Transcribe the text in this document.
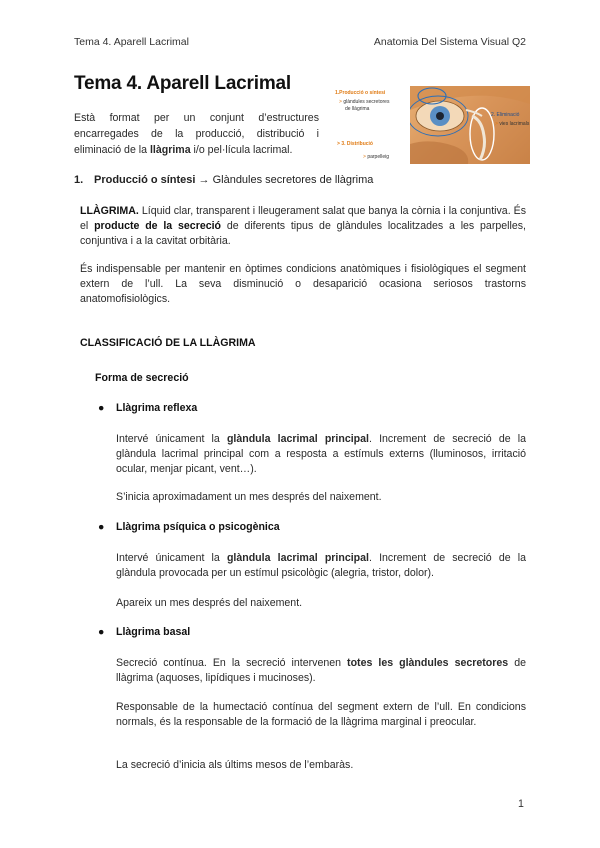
Tema 4. Aparell Lacrimal	Anatomia Del Sistema Visual Q2
Tema 4. Aparell Lacrimal

Està format per un conjunt d’estructures encarregades de la producció, distribució i eliminació de la llàgrima i/o pel·lícula lacrimal.

1.Producció o síntesi
> glàndules secretores
de llàgrima
> 3. Distribució
> parpelleig
2. Eliminació
> vies lacrimals
1. Producció o síntesi → Glàndules secretores de llàgrima

LLÀGRIMA. Líquid clar, transparent i lleugerament salat que banya la còrnia i la conjuntiva. És el producte de la secreció de diferents tipus de glàndules localitzades a les parpelles, conjuntiva i a la cavitat orbitària.

És indispensable per mantenir en òptimes condicions anatòmiques i fisiològiques el segment extern de l’ull. La seva disminució o desaparició ocasiona seriosos trastorns anatomofisiològics.

CLASSIFICACIÓ DE LA LLÀGRIMA
Forma de secreció
● Llàgrima reflexa

Intervé únicament la glàndula lacrimal principal. Increment de secreció de la glàndula lacrimal principal com a resposta a estímuls externs (lluminosos, irritació ocular, menjar picant, vent…).

S’inicia aproximadament un mes després del naixement.

● Llàgrima psíquica o psicogènica

Intervé únicament la glàndula lacrimal principal. Increment de secreció de la glàndula provocada per un estímul psicològic (alegria, tristor, dolor).

Apareix un mes després del naixement.

● Llàgrima basal

Secreció contínua. En la secreció intervenen totes les glàndules secretores de llàgrima (aquoses, lipídiques i mucinoses).

Responsable de la humectació contínua del segment extern de l’ull. En condicions normals, és la responsable de la formació de la llàgrima marginal i preocular.

La secreció d’inicia als últims mesos de l’embaràs.

1
